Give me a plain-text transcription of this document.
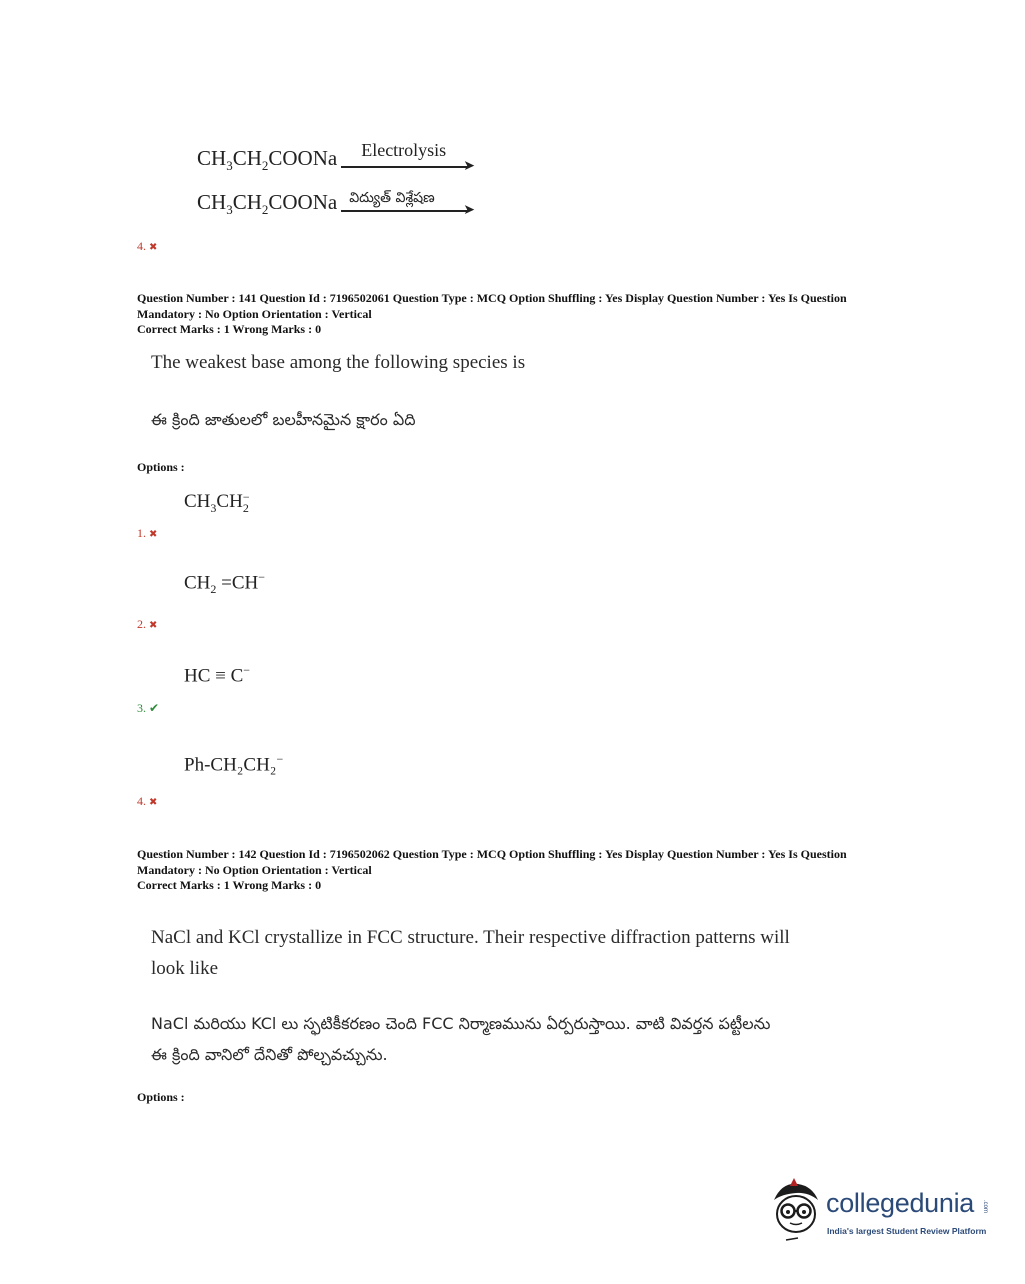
$CH_3CH_2COONa$ Electrolysis
➤
$CH_3CH_2COONa$ విద్యుత్ విశ్లేషణ
➤
4. ✖
Question Number : 141 Question Id : 7196502061 Question Type : MCQ Option Shuffling : Yes Display Question Number : Yes Is Question
Mandatory : No Option Orientation : Vertical
Correct Marks : 1 Wrong Marks : 0
The weakest base among the following species is
ఈ క్రింది జాతులలో బలహీనమైన క్షారం ఏది
Options :
$CH_3CH$ −
2
1. ✖
$CH_2 =CH^-$
2. ✖
HC ≡ C−
3. ✔
Ph-CH₂CH₂−
4. ✖
Question Number : 142 Question Id : 7196502062 Question Type : MCQ Option Shuffling : Yes Display Question Number : Yes Is Question
Mandatory : No Option Orientation : Vertical
Correct Marks : 1 Wrong Marks : 0
NaCl and KCl crystallize in FCC structure. Their respective diffraction patterns will look like
NaCl మరియు KCl లు స్ఫటికీకరణం చెంది FCC నిర్మాణమును ఏర్పరుస్తాయి. వాటి వివర్తన పట్టీలను ఈ క్రింది వానిలో దేనితో పోల్చవచ్చును.
Options :
collegedunia .com
India's largest Student Review Platform
